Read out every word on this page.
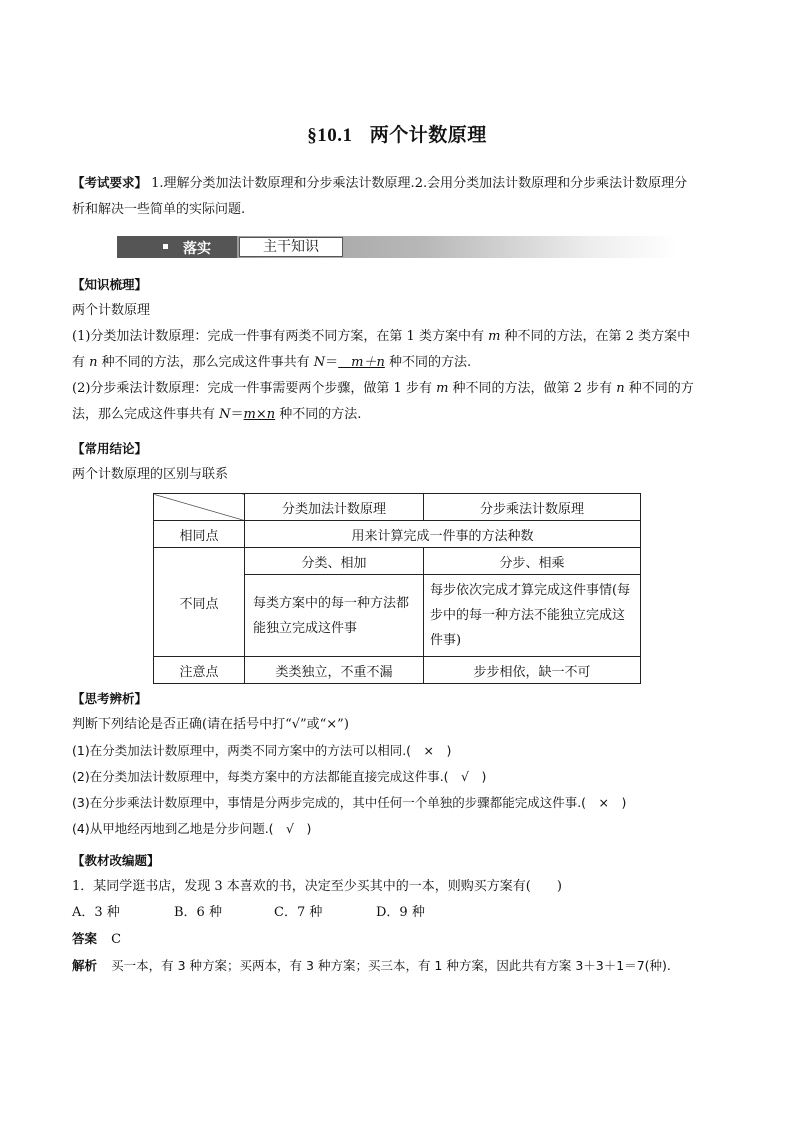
§10.1 两个计数原理
【考试要求】 1.理解分类加法计数原理和分步乘法计数原理.2.会用分类加法计数原理和分步乘法计数原理分
析和解决一些简单的实际问题.
落实	主干知识
【知识梳理】
两个计数原理
(1)分类加法计数原理：完成一件事有两类不同方案，在第 1 类方案中有 m 种不同的方法，在第 2 类方案中
有 n 种不同的方法，那么完成这件事共有 N＝　m＋n 种不同的方法.
(2)分步乘法计数原理：完成一件事需要两个步骤，做第 1 步有 m 种不同的方法，做第 2 步有 n 种不同的方
法，那么完成这件事共有 N＝m×n 种不同的方法.
【常用结论】
两个计数原理的区别与联系
	分类加法计数原理	分步乘法计数原理
相同点	用来计算完成一件事的方法种数	
不同点	分类、相加	分步、相乘
	每类方案中的每一种方法都能独立完成这件事	每步依次完成才算完成这件事情(每步中的每一种方法不能独立完成这件事)
注意点	类类独立，不重不漏	步步相依，缺一不可
【思考辨析】
判断下列结论是否正确(请在括号中打“√”或“×”)
(1)在分类加法计数原理中，两类不同方案中的方法可以相同.(　×　)
(2)在分类加法计数原理中，每类方案中的方法都能直接完成这件事.(　√　)
(3)在分步乘法计数原理中，事情是分两步完成的，其中任何一个单独的步骤都能完成这件事.(　×　)
(4)从甲地经丙地到乙地是分步问题.(　√　)
【教材改编题】
1．某同学逛书店，发现 3 本喜欢的书，决定至少买其中的一本，则购买方案有(　　)
A．3 种	B．6 种	C．7 种	D．9 种
答案 C
解析 买一本，有 3 种方案；买两本，有 3 种方案；买三本，有 1 种方案，因此共有方案 3＋3＋1＝7(种).
